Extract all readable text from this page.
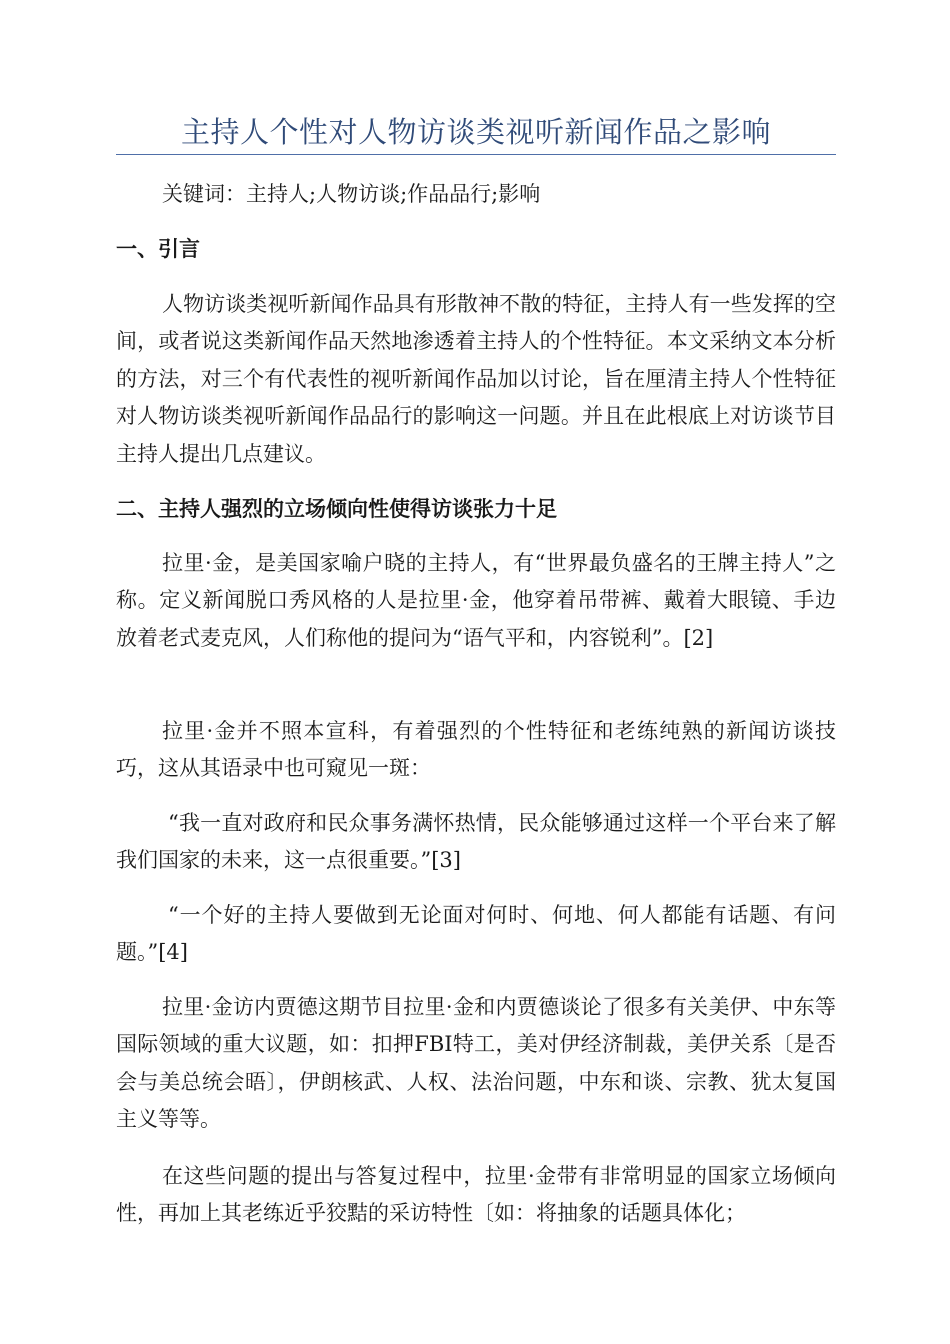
主持人个性对人物访谈类视听新闻作品之影响

关键词：主持人;人物访谈;作品品行;影响

一、引言

人物访谈类视听新闻作品具有形散神不散的特征，主持人有一些发挥的空间，或者说这类新闻作品天然地渗透着主持人的个性特征。本文采纳文本分析的方法，对三个有代表性的视听新闻作品加以讨论，旨在厘清主持人个性特征对人物访谈类视听新闻作品品行的影响这一问题。并且在此根底上对访谈节目主持人提出几点建议。

二、主持人强烈的立场倾向性使得访谈张力十足

拉里·金，是美国家喻户晓的主持人，有“世界最负盛名的王牌主持人”之称。定义新闻脱口秀风格的人是拉里·金，他穿着吊带裤、戴着大眼镜、手边放着老式麦克风，人们称他的提问为“语气平和，内容锐利”。[2]

拉里·金并不照本宣科，有着强烈的个性特征和老练纯熟的新闻访谈技巧，这从其语录中也可窥见一斑：

“我一直对政府和民众事务满怀热情，民众能够通过这样一个平台来了解我们国家的未来，这一点很重要。”[3]

“一个好的主持人要做到无论面对何时、何地、何人都能有话题、有问题。”[4]

拉里·金访内贾德这期节目拉里·金和内贾德谈论了很多有关美伊、中东等国际领域的重大议题，如：扣押FBI特工，美对伊经济制裁，美伊关系〔是否会与美总统会晤〕，伊朗核武、人权、法治问题，中东和谈、宗教、犹太复国主义等等。

在这些问题的提出与答复过程中，拉里·金带有非常明显的国家立场倾向性，再加上其老练近乎狡黠的采访特性〔如：将抽象的话题具体化；
